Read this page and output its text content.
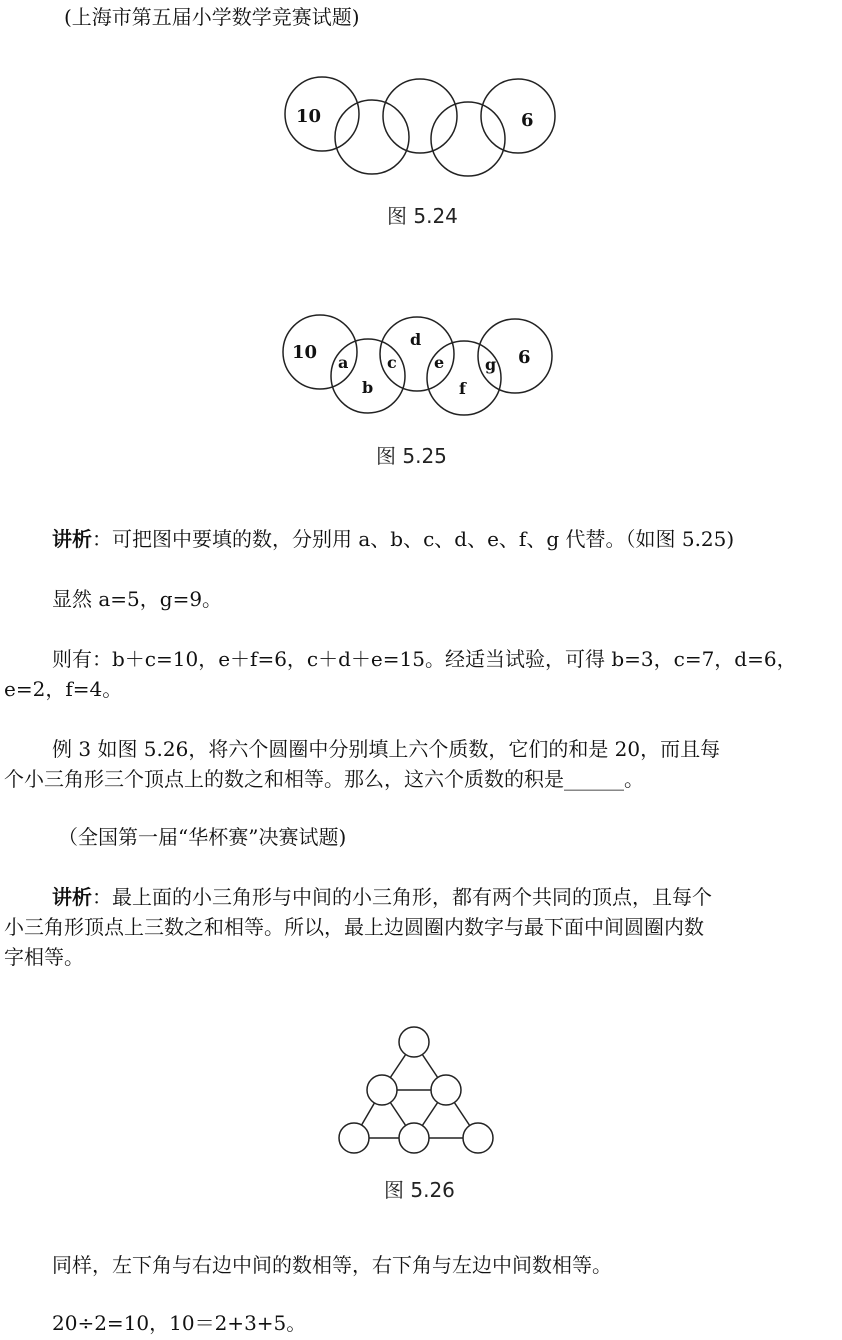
(上海市第五届小学数学竞赛试题)
10	6
图 5.24
10 a
b
c
d
e
f
g 6
图 5.25
讲析：可把图中要填的数，分别用 a、b、c、d、e、f、g 代替。（如图 5.25)
显然 a=5，g=9。
则有：b＋c=10，e＋f=6，c＋d＋e=15。经适当试验，可得 b=3，c=7，d=6，
e=2，f=4。
例 3 如图 5.26，将六个圆圈中分别填上六个质数，它们的和是 20，而且每
个小三角形三个顶点上的数之和相等。那么，这六个质数的积是______。
（全国第一届“华杯赛”决赛试题)
讲析：最上面的小三角形与中间的小三角形，都有两个共同的顶点，且每个
小三角形顶点上三数之和相等。所以，最上边圆圈内数字与最下面中间圆圈内数
字相等。
图 5.26
同样，左下角与右边中间的数相等，右下角与左边中间数相等。
20÷2=10，10＝2+3+5。
